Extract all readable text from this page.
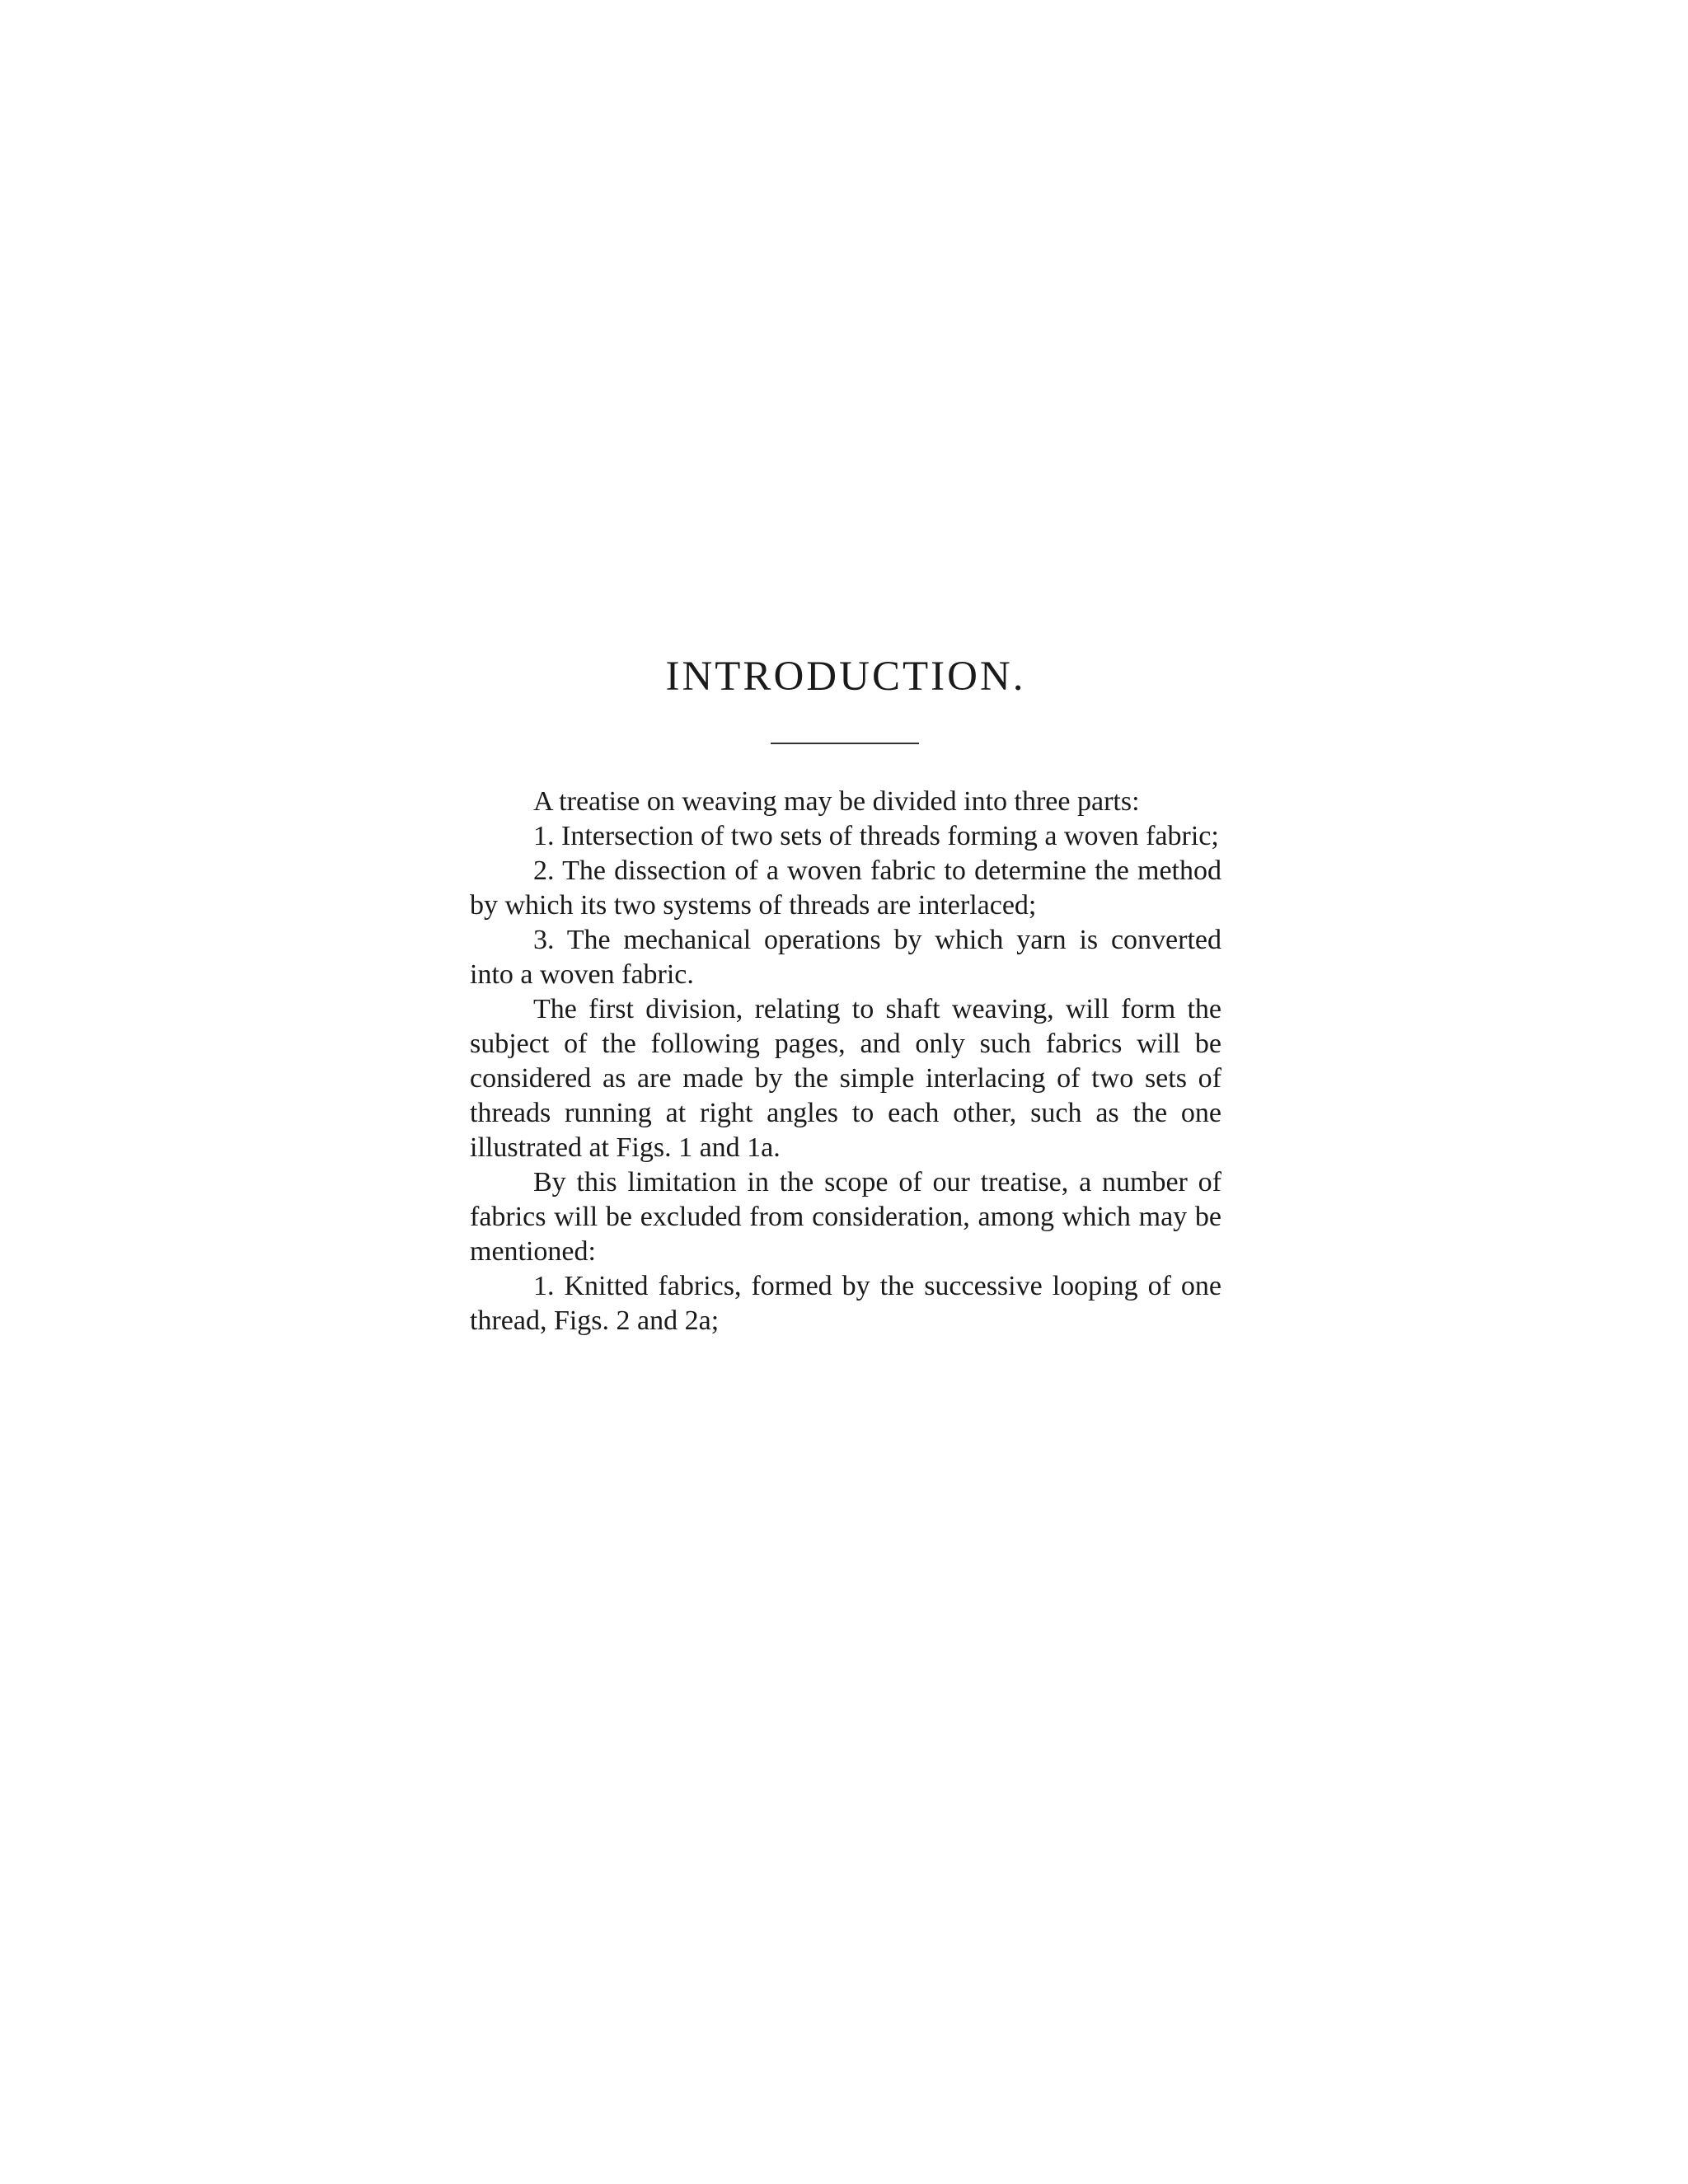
INTRODUCTION.

A treatise on weaving may be divided into three parts:

1. Intersection of two sets of threads forming a woven fabric;

2. The dissection of a woven fabric to determine the method by which its two systems of threads are interlaced;

3. The mechanical operations by which yarn is converted into a woven fabric.

The first division, relating to shaft weaving, will form the subject of the following pages, and only such fabrics will be considered as are made by the simple interlacing of two sets of threads running at right angles to each other, such as the one illustrated at Figs. 1 and 1a.

By this limitation in the scope of our treatise, a number of fabrics will be excluded from consideration, among which may be mentioned:

1. Knitted fabrics, formed by the successive looping of one thread, Figs. 2 and 2a;
